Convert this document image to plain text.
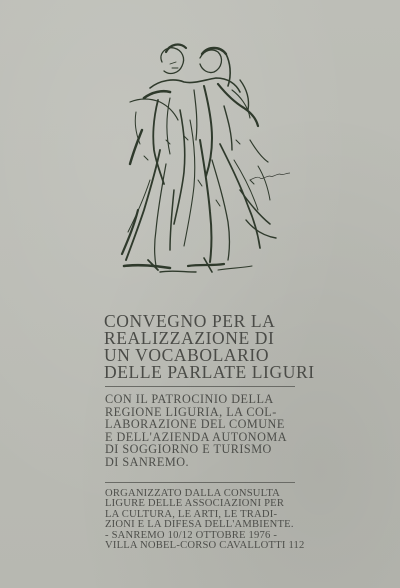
CONVEGNO PER LA
REALIZZAZIONE DI
UN VOCABOLARIO
DELLE PARLATE LIGURI

CON IL PATROCINIO DELLA
REGIONE LIGURIA, LA COL-
LABORAZIONE DEL COMUNE
E DELL'AZIENDA AUTONOMA
DI SOGGIORNO E TURISMO
DI SANREMO.

ORGANIZZATO DALLA CONSULTA
LIGURE DELLE ASSOCIAZIONI PER
LA CULTURA, LE ARTI, LE TRADI-
ZIONI E LA DIFESA DELL'AMBIENTE.
- SANREMO 10/12 OTTOBRE 1976 -
VILLA NOBEL-CORSO CAVALLOTTI 112
